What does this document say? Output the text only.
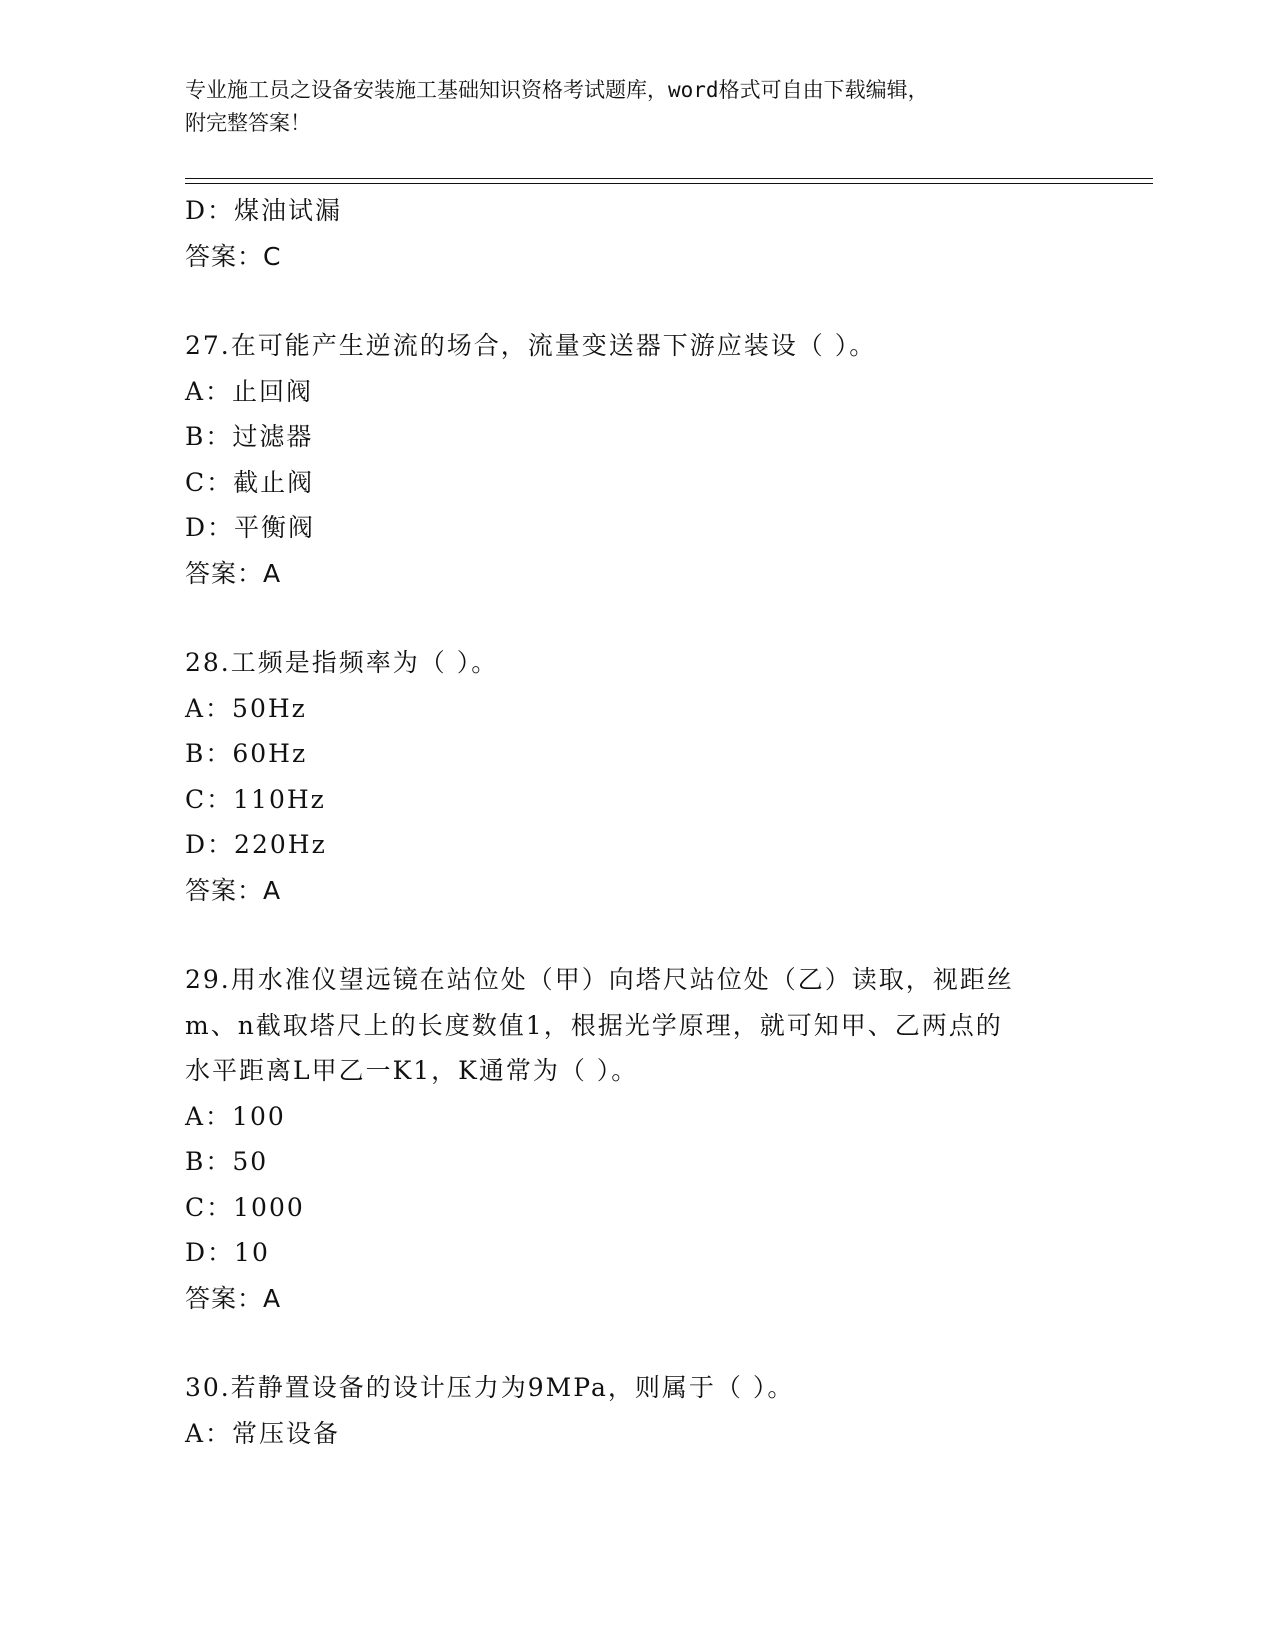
专业施工员之设备安装施工基础知识资格考试题库，word格式可自由下载编辑，
附完整答案！
D：煤油试漏
答案：C
27.在可能产生逆流的场合，流量变送器下游应装设（ ）。
A：止回阀
B：过滤器
C：截止阀
D：平衡阀
答案：A
28.工频是指频率为（ ）。
A：50Hz
B：60Hz
C：110Hz
D：220Hz
答案：A
29.用水准仪望远镜在站位处（甲）向塔尺站位处（乙）读取，视距丝
m、n截取塔尺上的长度数值1，根据光学原理，就可知甲、乙两点的
水平距离L甲乙一K1，K通常为（ ）。
A：100
B：50
C：1000
D：10
答案：A
30.若静置设备的设计压力为9MPa，则属于（ ）。
A：常压设备
